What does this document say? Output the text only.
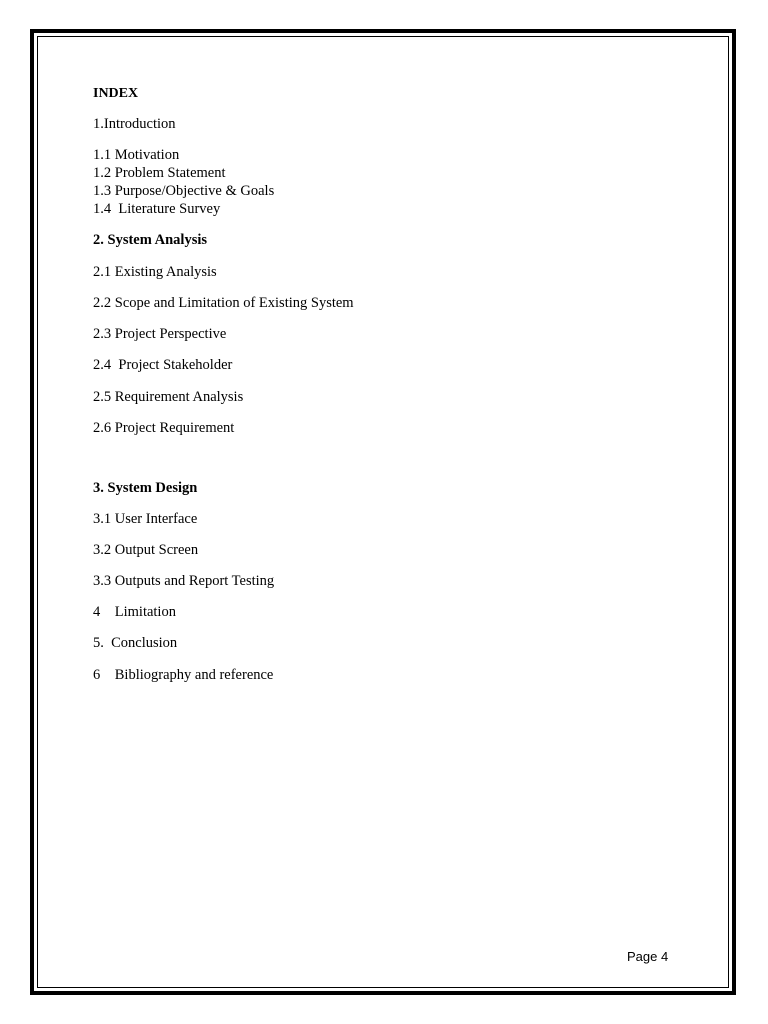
INDEX
1.Introduction
1.1 Motivation
1.2 Problem Statement
1.3 Purpose/Objective & Goals
1.4  Literature Survey
2. System Analysis
2.1 Existing Analysis
2.2 Scope and Limitation of Existing System
2.3 Project Perspective
2.4  Project Stakeholder
2.5 Requirement Analysis
2.6 Project Requirement
3. System Design
3.1 User Interface
3.2 Output Screen
3.3 Outputs and Report Testing
4    Limitation
5.  Conclusion
6    Bibliography and reference
Page 4
